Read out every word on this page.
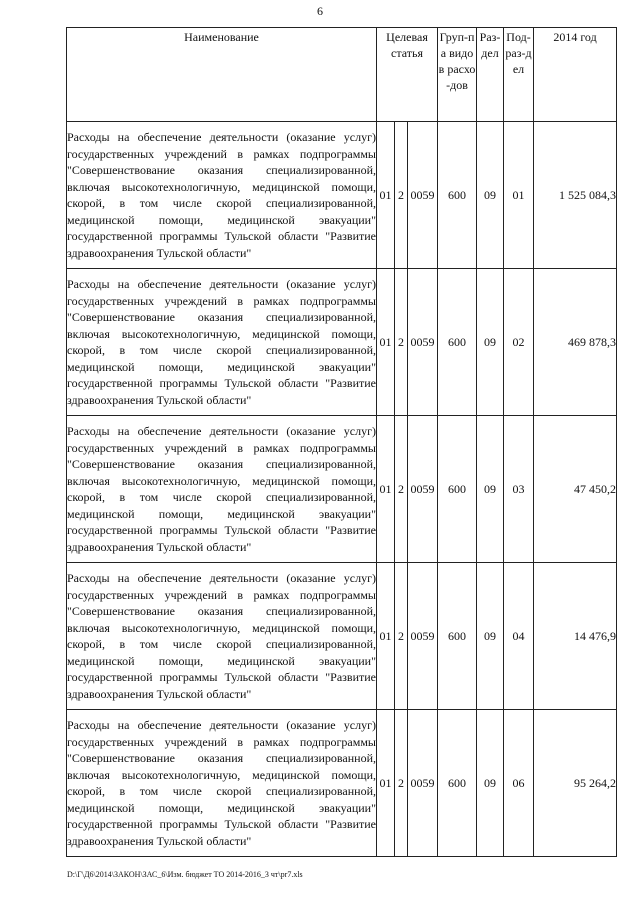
6
Наименование	Целевая статья			Груп-па видов расхо-дов	Раз-дел	Под-раз-дел	2014 год
Расходы на обеспечение деятельности (оказание услуг) государственных учреждений в рамках подпрограммы "Совершенствование оказания специализированной, включая высокотехнологичную, медицинской помощи, скорой, в том числе скорой специализированной, медицинской помощи, медицинской эвакуации" государственной программы Тульской области "Развитие здравоохранения Тульской области"	01	2	0059	600	09	01	1 525 084,3
Расходы на обеспечение деятельности (оказание услуг) государственных учреждений в рамках подпрограммы "Совершенствование оказания специализированной, включая высокотехнологичную, медицинской помощи, скорой, в том числе скорой специализированной, медицинской помощи, медицинской эвакуации" государственной программы Тульской области "Развитие здравоохранения Тульской области"	01	2	0059	600	09	02	469 878,3
Расходы на обеспечение деятельности (оказание услуг) государственных учреждений в рамках подпрограммы "Совершенствование оказания специализированной, включая высокотехнологичную, медицинской помощи, скорой, в том числе скорой специализированной, медицинской помощи, медицинской эвакуации" государственной программы Тульской области "Развитие здравоохранения Тульской области"	01	2	0059	600	09	03	47 450,2
Расходы на обеспечение деятельности (оказание услуг) государственных учреждений в рамках подпрограммы "Совершенствование оказания специализированной, включая высокотехнологичную, медицинской помощи, скорой, в том числе скорой специализированной, медицинской помощи, медицинской эвакуации" государственной программы Тульской области "Развитие здравоохранения Тульской области"	01	2	0059	600	09	04	14 476,9
Расходы на обеспечение деятельности (оказание услуг) государственных учреждений в рамках подпрограммы "Совершенствование оказания специализированной, включая высокотехнологичную, медицинской помощи, скорой, в том числе скорой специализированной, медицинской помощи, медицинской эвакуации" государственной программы Тульской области "Развитие здравоохранения Тульской области"	01	2	0059	600	09	06	95 264,2
D:\Г\Д6\2014\ЗАКОН\ЗАС_6\Изм. бюджет ТО 2014-2016_3 чт\pr7.xls
